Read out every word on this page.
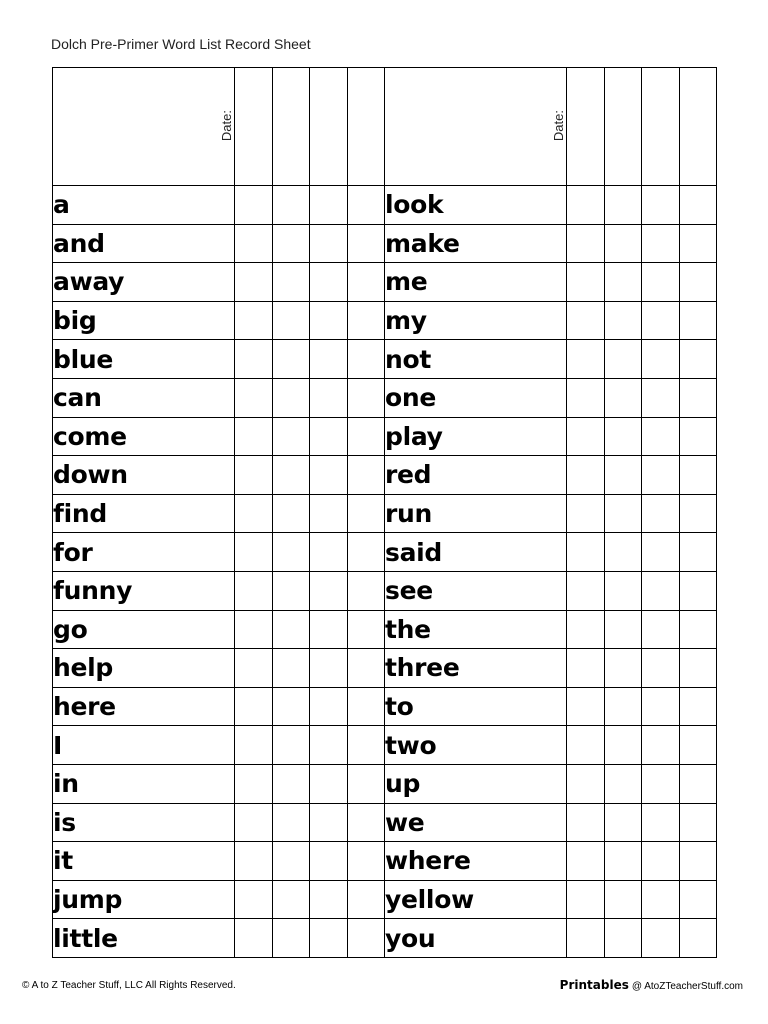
Dolch Pre-Primer Word List Record Sheet
Date:					Date:				

a					look				
and					make				
away					me				
big					my				
blue					not				
can					one				
come					play				
down					red				
find					run				
for					said				
funny					see				
go					the				
help					three				
here					to				
I					two				
in					up				
is					we				
it					where				
jump					yellow				
little					you				
© A to Z Teacher Stuff, LLC All Rights Reserved.	Printables @ AtoZTeacherStuff.com
